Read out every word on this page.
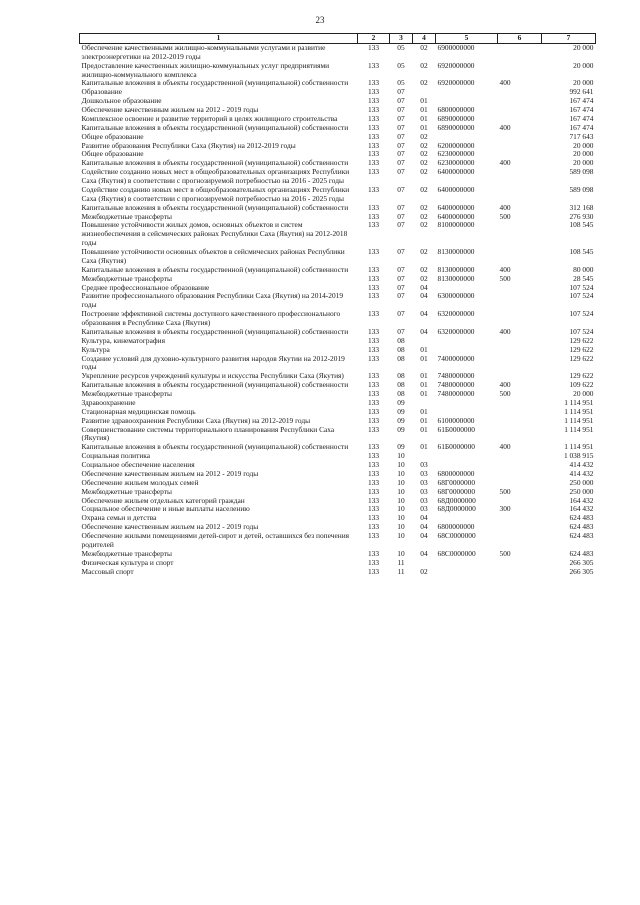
23
1	2	3	4	5	6	7
Обеспечение качественными жилищно-коммунальными услугами и развитие электроэнергетики на 2012-2019 годы	133	05	02	6900000000		20 000
Предоставление качественных жилищно-коммунальных услуг предприятиями жилищно-коммунального комплекса	133	05	02	6920000000		20 000
Капитальные вложения в объекты государственной (муниципальной) собственности	133	05	02	6920000000	400	20 000
Образование	133	07				992 641
Дошкольное образование	133	07	01			167 474
Обеспечение качественным жильем на 2012 - 2019 годы	133	07	01	6800000000		167 474
Комплексное освоение и развитие территорий в целях жилищного строительства	133	07	01	6890000000		167 474
Капитальные вложения в объекты государственной (муниципальной) собственности	133	07	01	6890000000	400	167 474
Общее образование	133	07	02			717 643
Развитие образования Республики Саха (Якутия) на 2012-2019 годы	133	07	02	6200000000		20 000
Общее образование	133	07	02	6230000000		20 000
Капитальные вложения в объекты государственной (муниципальной) собственности	133	07	02	6230000000	400	20 000
Содействие созданию новых мест в общеобразовательных организациях Республики Саха (Якутия) в соответствии с прогнозируемой потребностью на 2016 - 2025 годы	133	07	02	6400000000		589 098
Содействие созданию новых мест в общеобразовательных организациях Республики Саха (Якутия) в соответствии с прогнозируемой потребностью на 2016 - 2025 годы	133	07	02	6400000000		589 098
Капитальные вложения в объекты государственной (муниципальной) собственности	133	07	02	6400000000	400	312 168
Межбюджетные трансферты	133	07	02	6400000000	500	276 930
Повышение устойчивости жилых домов, основных объектов и систем жизнеобеспечения в сейсмических районах Республики Саха (Якутия) на 2012-2018 годы	133	07	02	8100000000		108 545
Повышение устойчивости основных объектов в сейсмических районах Республики Саха (Якутия)	133	07	02	8130000000		108 545
Капитальные вложения в объекты государственной (муниципальной) собственности	133	07	02	8130000000	400	80 000
Межбюджетные трансферты	133	07	02	8130000000	500	28 545
Среднее профессиональное образование	133	07	04			107 524
Развитие профессионального образования Республики Саха (Якутия) на 2014-2019 годы	133	07	04	6300000000		107 524
Построение эффективной системы доступного качественного профессионального образования в Республике Саха (Якутия)	133	07	04	6320000000		107 524
Капитальные вложения в объекты государственной (муниципальной) собственности	133	07	04	6320000000	400	107 524
Культура, кинематография	133	08				129 622
Культура	133	08	01			129 622
Создание условий для духовно-культурного развития народов Якутии на 2012-2019 годы	133	08	01	7400000000		129 622
Укрепление ресурсов учреждений культуры и искусства Республики Саха (Якутия)	133	08	01	7480000000		129 622
Капитальные вложения в объекты государственной (муниципальной) собственности	133	08	01	7480000000	400	109 622
Межбюджетные трансферты	133	08	01	7480000000	500	20 000
Здравоохранение	133	09				1 114 951
Стационарная медицинская помощь	133	09	01			1 114 951
Развитие здравоохранения Республики Саха (Якутия) на 2012-2019 годы	133	09	01	6100000000		1 114 951
Совершенствование системы территориального планирования Республики Саха (Якутия)	133	09	01	61Б0000000		1 114 951
Капитальные вложения в объекты государственной (муниципальной) собственности	133	09	01	61Б0000000	400	1 114 951
Социальная политика	133	10				1 038 915
Социальное обеспечение населения	133	10	03			414 432
Обеспечение качественным жильем на 2012 - 2019 годы	133	10	03	6800000000		414 432
Обеспечение жильем молодых семей	133	10	03	68Г0000000		250 000
Межбюджетные трансферты	133	10	03	68Г0000000	500	250 000
Обеспечение жильем отдельных категорий граждан	133	10	03	68Д0000000		164 432
Социальное обеспечение и иные выплаты населению	133	10	03	68Д0000000	300	164 432
Охрана семьи и детства	133	10	04			624 483
Обеспечение качественным жильем на 2012 - 2019 годы	133	10	04	6800000000		624 483
Обеспечение жилыми помещениями детей-сирот и детей, оставшихся без попечения родителей	133	10	04	68С0000000		624 483
Межбюджетные трансферты	133	10	04	68С0000000	500	624 483
Физическая культура и спорт	133	11				266 305
Массовый спорт	133	11	02			266 305
